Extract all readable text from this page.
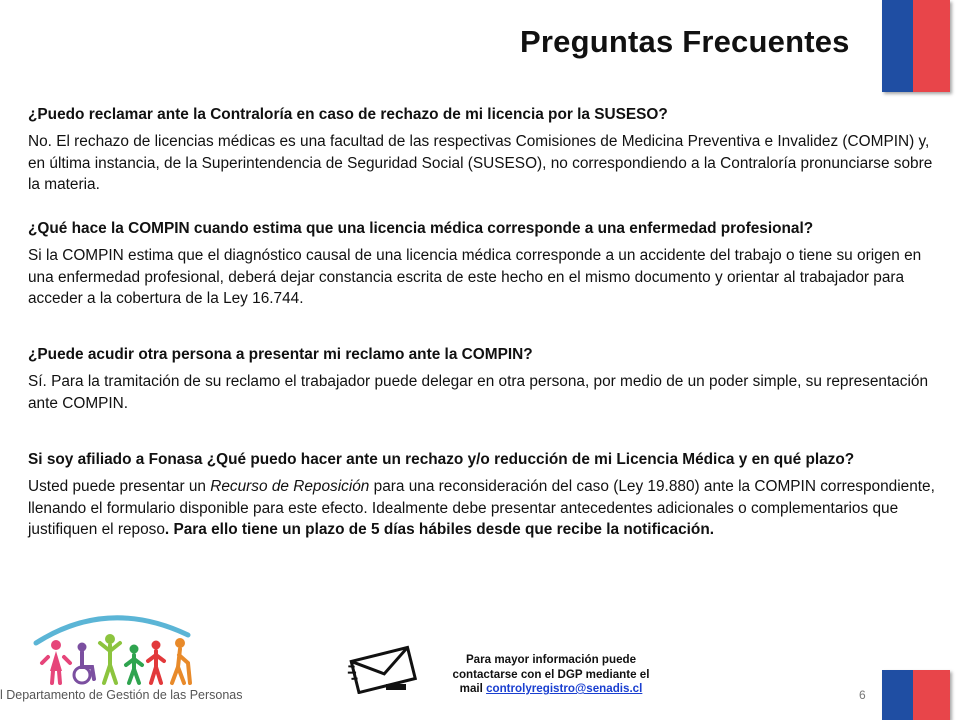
Preguntas Frecuentes
¿Puedo reclamar ante la Contraloría en caso de rechazo de mi licencia por la SUSESO?
No. El rechazo de licencias médicas es una facultad de las respectivas Comisiones de Medicina Preventiva e Invalidez (COMPIN) y, en última instancia, de la Superintendencia de Seguridad Social (SUSESO), no correspondiendo a la Contraloría pronunciarse sobre la materia.
¿Qué hace la COMPIN cuando estima que una licencia médica corresponde a una enfermedad profesional?
Si la COMPIN estima que el diagnóstico causal de una licencia médica corresponde a un accidente del trabajo o tiene su origen en una enfermedad profesional, deberá dejar constancia escrita de este hecho en el mismo documento y orientar al trabajador para acceder a la cobertura de la Ley 16.744.
¿Puede acudir otra persona a presentar mi reclamo ante la COMPIN?
Sí. Para la tramitación de su reclamo el trabajador puede delegar en otra persona, por medio de un poder simple, su representación ante COMPIN.
Si soy afiliado a Fonasa ¿Qué puedo hacer ante un rechazo y/o reducción de mi Licencia Médica y en qué plazo?
Usted puede presentar un Recurso de Reposición para una reconsideración del caso (Ley 19.880) ante la COMPIN correspondiente, llenando el formulario disponible para este efecto. Idealmente debe presentar antecedentes adicionales o complementarios que justifiquen el reposo. Para ello tiene un plazo de 5 días hábiles desde que recibe la notificación.
Para mayor información puede
contactarse con el DGP mediante el
mail controlyregistro@senadis.cl
l Departamento de Gestión de las Personas	6
